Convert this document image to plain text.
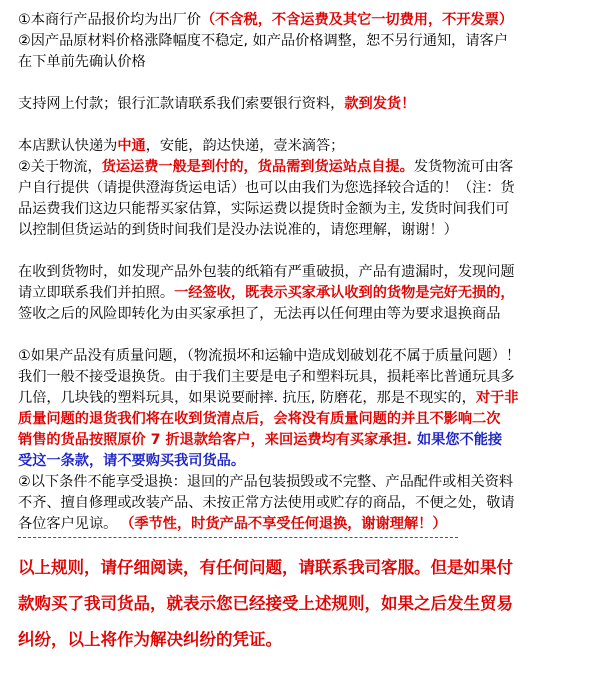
①本商行产品报价均为出厂价（不含税，不含运费及其它一切费用，不开发票）

②因产品原材料价格涨降幅度不稳定, 如产品价格调整，恕不另行通知，请客户

在下单前先确认价格

支持网上付款；银行汇款请联系我们索要银行资料，款到发货！

本店默认快递为中通，安能，韵达快递，壹米滴答；

②关于物流，货运运费一般是到付的，货品需到货运站点自提。发货物流可由客

户自行提供（请提供澄海货运电话）也可以由我们为您选择较合适的！（注：货

品运费我们这边只能帮买家估算，实际运费以提货时金额为主, 发货时间我们可

以控制但货运站的到货时间我们是没办法说准的，请您理解，谢谢！）

在收到货物时，如发现产品外包装的纸箱有严重破损，产品有遗漏时，发现问题

请立即联系我们并拍照。一经签收，既表示买家承认收到的货物是完好无损的，

签收之后的风险即转化为由买家承担了，无法再以任何理由等为要求退换商品

①如果产品没有质量问题，（物流损坏和运输中造成划破划花不属于质量问题）！

我们一般不接受退换货。由于我们主要是电子和塑料玩具，损耗率比普通玩具多

几倍，几块钱的塑料玩具，如果说要耐摔. 抗压, 防磨花，那是不现实的，对于非

质量问题的退货我们将在收到货清点后，会将没有质量问题的并且不影响二次

销售的货品按照原价 7 折退款给客户，来回运费均有买家承担. 如果您不能接

受这一条款，请不要购买我司货品。

②以下条件不能享受退换：退回的产品包装损毁或不完整、产品配件或相关资料

不齐、擅自修理或改装产品、未按正常方法使用或贮存的商品，不便之处，敬请

各位客户见谅。 （季节性，时货产品不享受任何退换，谢谢理解！）

以上规则，请仔细阅读，有任何问题，请联系我司客服。但是如果付
款购买了我司货品，就表示您已经接受上述规则，如果之后发生贸易
纠纷，以上将作为解决纠纷的凭证。
